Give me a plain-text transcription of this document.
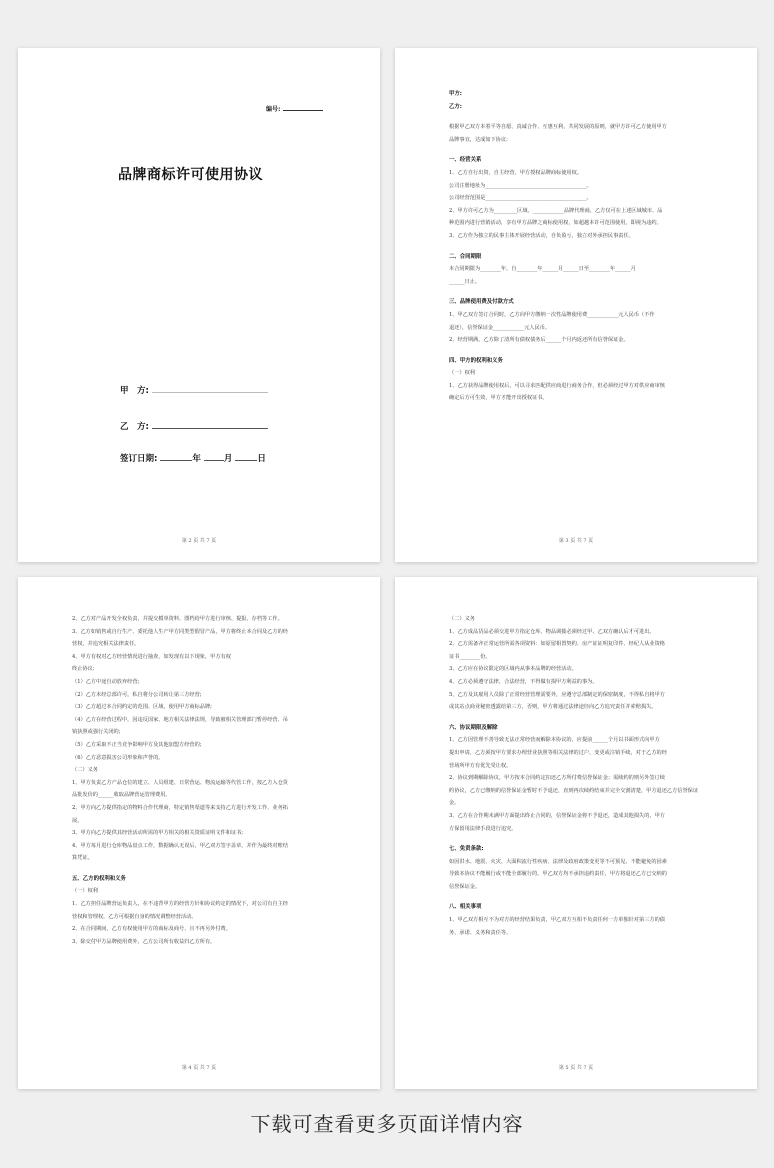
编号:
品牌商标许可使用协议
甲　方:
乙　方:
签订日期:	年	月	日
第 2 页 共 7 页

甲方:

乙方:

根据甲乙双方本着平等自愿、真诚合作、互惠互利、共同发展的原则，就甲方许可乙方使用甲方

品牌事宜，达成如下协议:

一、经营关系

1、乙方自行出资，自主经营，甲方授权品牌商标使用权。

公司注册地址为_______________________________________。

公司经营范围是_______________________________________。

2、甲方许可乙方为_________区域、____________品牌代理商，乙方仅可在上述区域城市、品

种范围内进行营销活动，享有甲方品牌之商标使用权，如超越本许可范围使用，即视为违约。

3、乙方作为独立的民事主体开展经营活动，自负盈亏，独立对外承担民事责任。

二、合同期限

本合同期限为________年，自________年______月______日至________年______月

______日止。

三、品牌使用费及付款方式

1、甲乙双方签订合同时，乙方向甲方缴纳一次性品牌使用费____________元人民币（不作

退还），信誉保证金____________元人民币。

2、经营期满，乙方除了清所有债权债务后______个月内返还所有信誉保证金。

四、甲方的权利和义务

（一）权利

1、乙方获得品牌使用权后，可以寻求匹配供应商进行商务合作，但必须经过甲方对供应商审核

确定后方可生效，甲方才能开出授权证书。

第 3 页 共 7 页

2、乙方对产品开发全权负责，并提交模单资料、图档给甲方进行审核、提报、存档等工作。

3、乙方如销售或自行生产、委托他人生产甲方同类型假冒产品，甲方将终止本合同及乙方的经

营权，并追究相关法律责任。

4、甲方有权对乙方经营情况进行抽查，如发现有以下现象，甲方有权

终止协议:

（1）乙方中途自动放弃经营;

（2）乙方未经总部许可，私自将分公司转让第三方经营;

（3）乙方超过本合同约定的范围、区域，使用甲方商标品牌;

（4）乙方在经营过程中，因违反国家、地方相关法律法规，导致被相关管理部门暂停经营、吊

销执照或强行关闭的;

（5）乙方采取不正当竞争影响甲方及其他加盟方经营的;

（6）乙方恶意损害公司形象和声誉的。

（二）义务

1、甲方负责乙方产品仓位的建立、人员组建、日常营运、物流运输等代管工作，按乙方入仓货

品批发价的______收取品牌营运管理费用。

2、甲方向乙方提供指定的物料合作代理商，特定销售渠道等来支持乙方进行开发工作、业务拓

展。

3、甲方向乙方提供其经营活动所需的甲方相关的相关资质证明文件和证书;

4、甲方每月进行仓库物品盘点工作，数据确认无误后，甲乙双方签字盖章，并作为最终对账结

算凭证。

五、乙方的权利和义务

（一）权利

1、乙方担任品牌营运负责人，在不违背甲方的经营方针和协议约定的情况下，对公司有自主经

营权和管理权，乙方可根据自身的情况调整经营活动。

2、在合同期间，乙方有权使用甲方的商标及商号、且不再另外付费。

3、除交付甲方品牌使用费外，乙方公司所有收益归乙方所有。

第 4 页 共 7 页

（二）义务

1、乙方成品货品必须交进甲方指定仓库，物品调拨必须经过甲、乙双方确认后才可进出。

2、乙方需备齐正常运营所需各项资料：如原留相置契约、房产证证明复印件、经纪人从业资格

证书________份。

3、乙方应在协议限定的区域内从事本品牌的经营活动。

4、乙方必须遵守法律，合法经营，不得做有损甲方利益的事为。

5、乙方及其雇用人员除了正常经营管理需要外，应遵守总部制定的保密制度，不得私自将甲方

或其站点商业秘密透露给第三方，否则，甲方将通过法律途径向乙方追究责任并索赔损失。

六、协议期限及解除

1、乙方因管理不善导致无法正常经营而解除本协议的，应提前______个月以书面形式向甲方

提出申请，乙方须按甲方要求办理营业执照等相关法律的过户，变更或注销手续，对于乙方的经

营场所甲方有优先受让权。

2、协议到期解除协议，甲方按本合同约定扣还乙方所付费信誉保证金；需续约的则另外签订续

约协议，乙方已缴纳的信誉保证金暂时不予退还，直到再次续约结束并完全交割清楚，甲方退还乙方信誉保证

金。

3、乙方在合作期未满甲方面提出终止合同的，信誉保证金将不予退还，造成其他损失的，甲方

方保留用法律手段进行追究。

七、免责条款:

如因洪水、地震、火灾、大面积流行性疾病、法律及政府政策变更等不可预见、不能避免的因素

导致本协议不能履行或不能全部履行的，甲乙双方均不承担违约责任，甲方将退还乙方已交纳的

信誉保证金。

八、相关事项

1、甲乙双方相互不为对方的经营结果负责，甲乙双方互相不负责任何一方单独针对第三方的债

务、承诺、义务和责任等。

第 5 页 共 7 页
下载可查看更多页面详情内容
